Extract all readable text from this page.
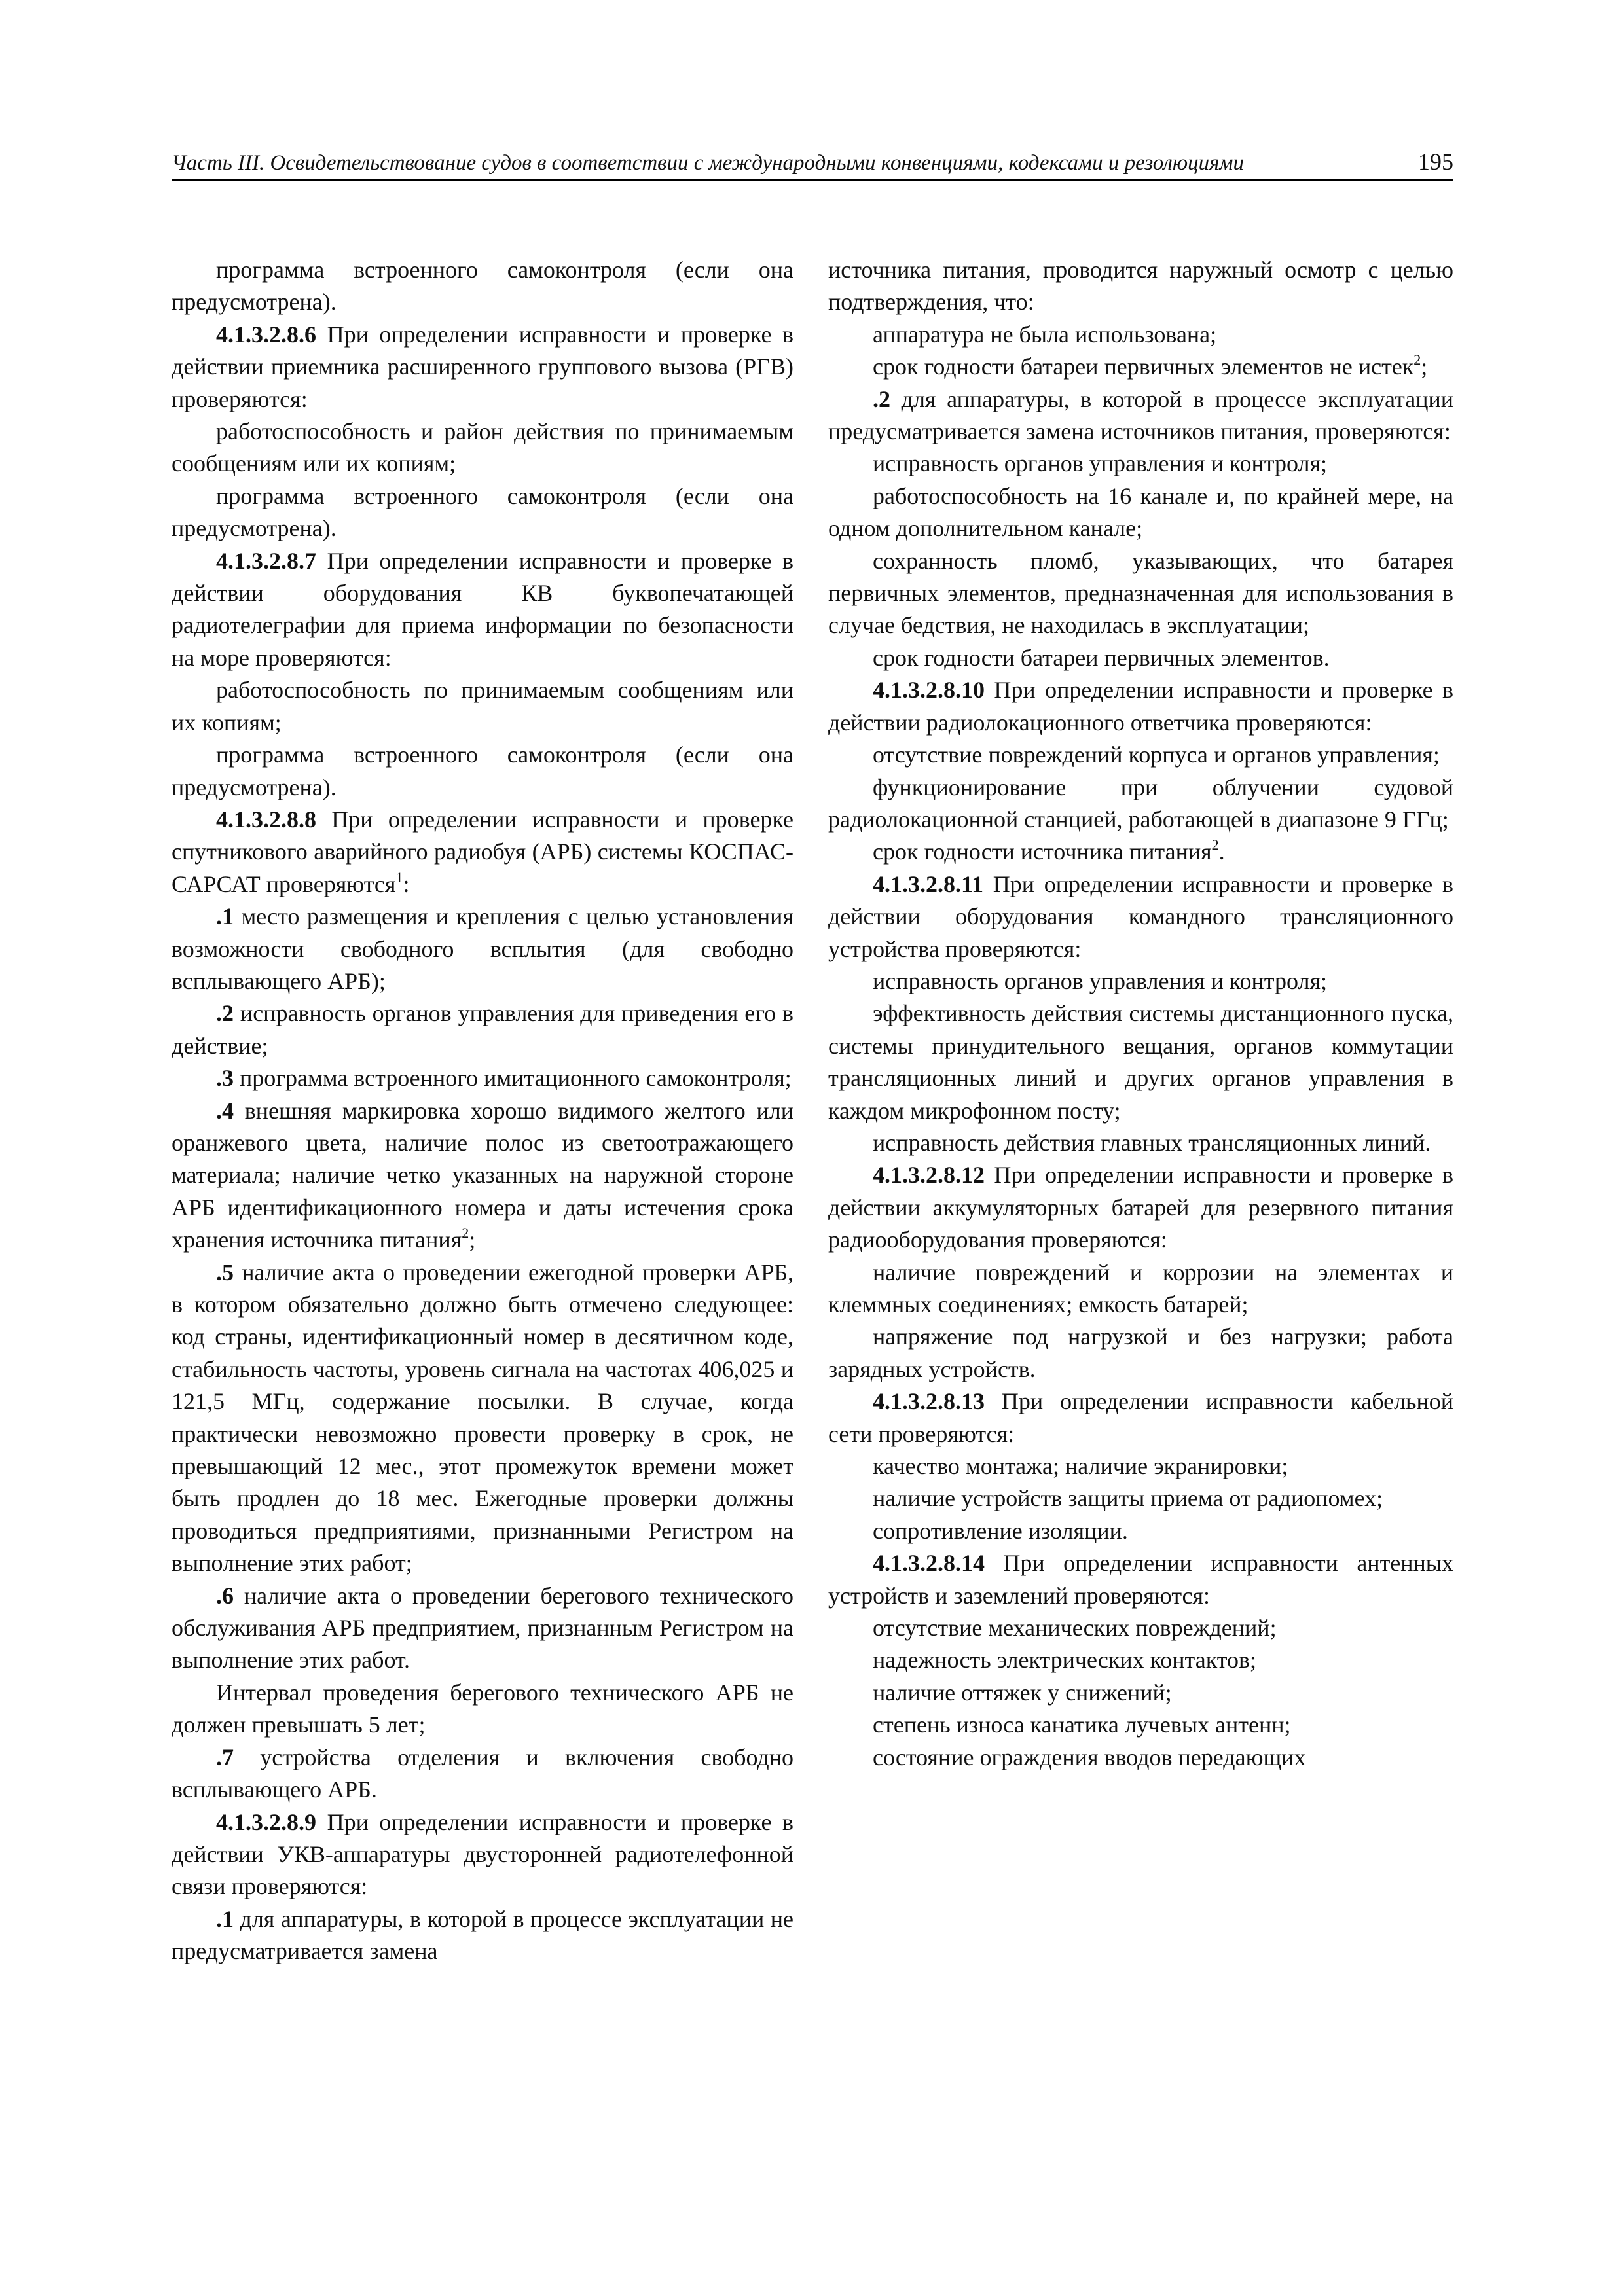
Часть III. Освидетельствование судов в соответствии с международными конвенциями, кодексами и резолюциями	195

программа встроенного самоконтроля (если она предусмотрена).

4.1.3.2.8.6 При определении исправности и проверке в действии приемника расширенного группового вызова (РГВ) проверяются:

работоспособность и район действия по принимаемым сообщениям или их копиям;

программа встроенного самоконтроля (если она предусмотрена).

4.1.3.2.8.7 При определении исправности и проверке в действии оборудования КВ буквопечатающей радиотелеграфии для приема информации по безопасности на море проверяются:

работоспособность по принимаемым сообщениям или их копиям;

программа встроенного самоконтроля (если она предусмотрена).

4.1.3.2.8.8 При определении исправности и проверке спутникового аварийного радиобуя (АРБ) системы КОСПАС-САРСАТ проверяются$^1$:

.1 место размещения и крепления с целью установления возможности свободного всплытия (для свободно всплывающего АРБ);

.2 исправность органов управления для приведения его в действие;

.3 программа встроенного имитационного самоконтроля;

.4 внешняя маркировка хорошо видимого желтого или оранжевого цвета, наличие полос из светоотражающего материала; наличие четко указанных на наружной стороне АРБ идентификационного номера и даты истечения срока хранения источника питания$^2$;

.5 наличие акта о проведении ежегодной проверки АРБ, в котором обязательно должно быть отмечено следующее: код страны, идентификационный номер в десятичном коде, стабильность частоты, уровень сигнала на частотах 406,025 и 121,5 МГц, содержание посылки. В случае, когда практически невозможно провести проверку в срок, не превышающий 12 мес., этот промежуток времени может быть продлен до 18 мес. Ежегодные проверки должны проводиться предприятиями, признанными Регистром на выполнение этих работ;

.6 наличие акта о проведении берегового технического обслуживания АРБ предприятием, признанным Регистром на выполнение этих работ.

Интервал проведения берегового технического АРБ не должен превышать 5 лет;

.7 устройства отделения и включения свободно всплывающего АРБ.

4.1.3.2.8.9 При определении исправности и проверке в действии УКВ-аппаратуры двусторонней радиотелефонной связи проверяются:

.1 для аппаратуры, в которой в процессе эксплуатации не предусматривается замена

источника питания, проводится наружный осмотр с целью подтверждения, что:

аппаратура не была использована;

срок годности батареи первичных элементов не истек$^2$;

.2 для аппаратуры, в которой в процессе эксплуатации предусматривается замена источников питания, проверяются:

исправность органов управления и контроля;

работоспособность на 16 канале и, по крайней мере, на одном дополнительном канале;

сохранность пломб, указывающих, что батарея первичных элементов, предназначенная для использования в случае бедствия, не находилась в эксплуатации;

срок годности батареи первичных элементов.

4.1.3.2.8.10 При определении исправности и проверке в действии радиолокационного ответчика проверяются:

отсутствие повреждений корпуса и органов управления;

функционирование при облучении судовой радиолокационной станцией, работающей в диапазоне 9 ГГц;

срок годности источника питания$^2$.

4.1.3.2.8.11 При определении исправности и проверке в действии оборудования командного трансляционного устройства проверяются:

исправность органов управления и контроля;

эффективность действия системы дистанционного пуска, системы принудительного вещания, органов коммутации трансляционных линий и других органов управления в каждом микрофонном посту;

исправность действия главных трансляционных линий.

4.1.3.2.8.12 При определении исправности и проверке в действии аккумуляторных батарей для резервного питания радиооборудования проверяются:

наличие повреждений и коррозии на элементах и клеммных соединениях; емкость батарей;

напряжение под нагрузкой и без нагрузки; работа зарядных устройств.

4.1.3.2.8.13 При определении исправности кабельной сети проверяются:

качество монтажа; наличие экранировки;

наличие устройств защиты приема от радиопомех;

сопротивление изоляции.

4.1.3.2.8.14 При определении исправности антенных устройств и заземлений проверяются:

отсутствие механических повреждений;

надежность электрических контактов;

наличие оттяжек у снижений;

степень износа канатика лучевых антенн;

состояние ограждения вводов передающих
